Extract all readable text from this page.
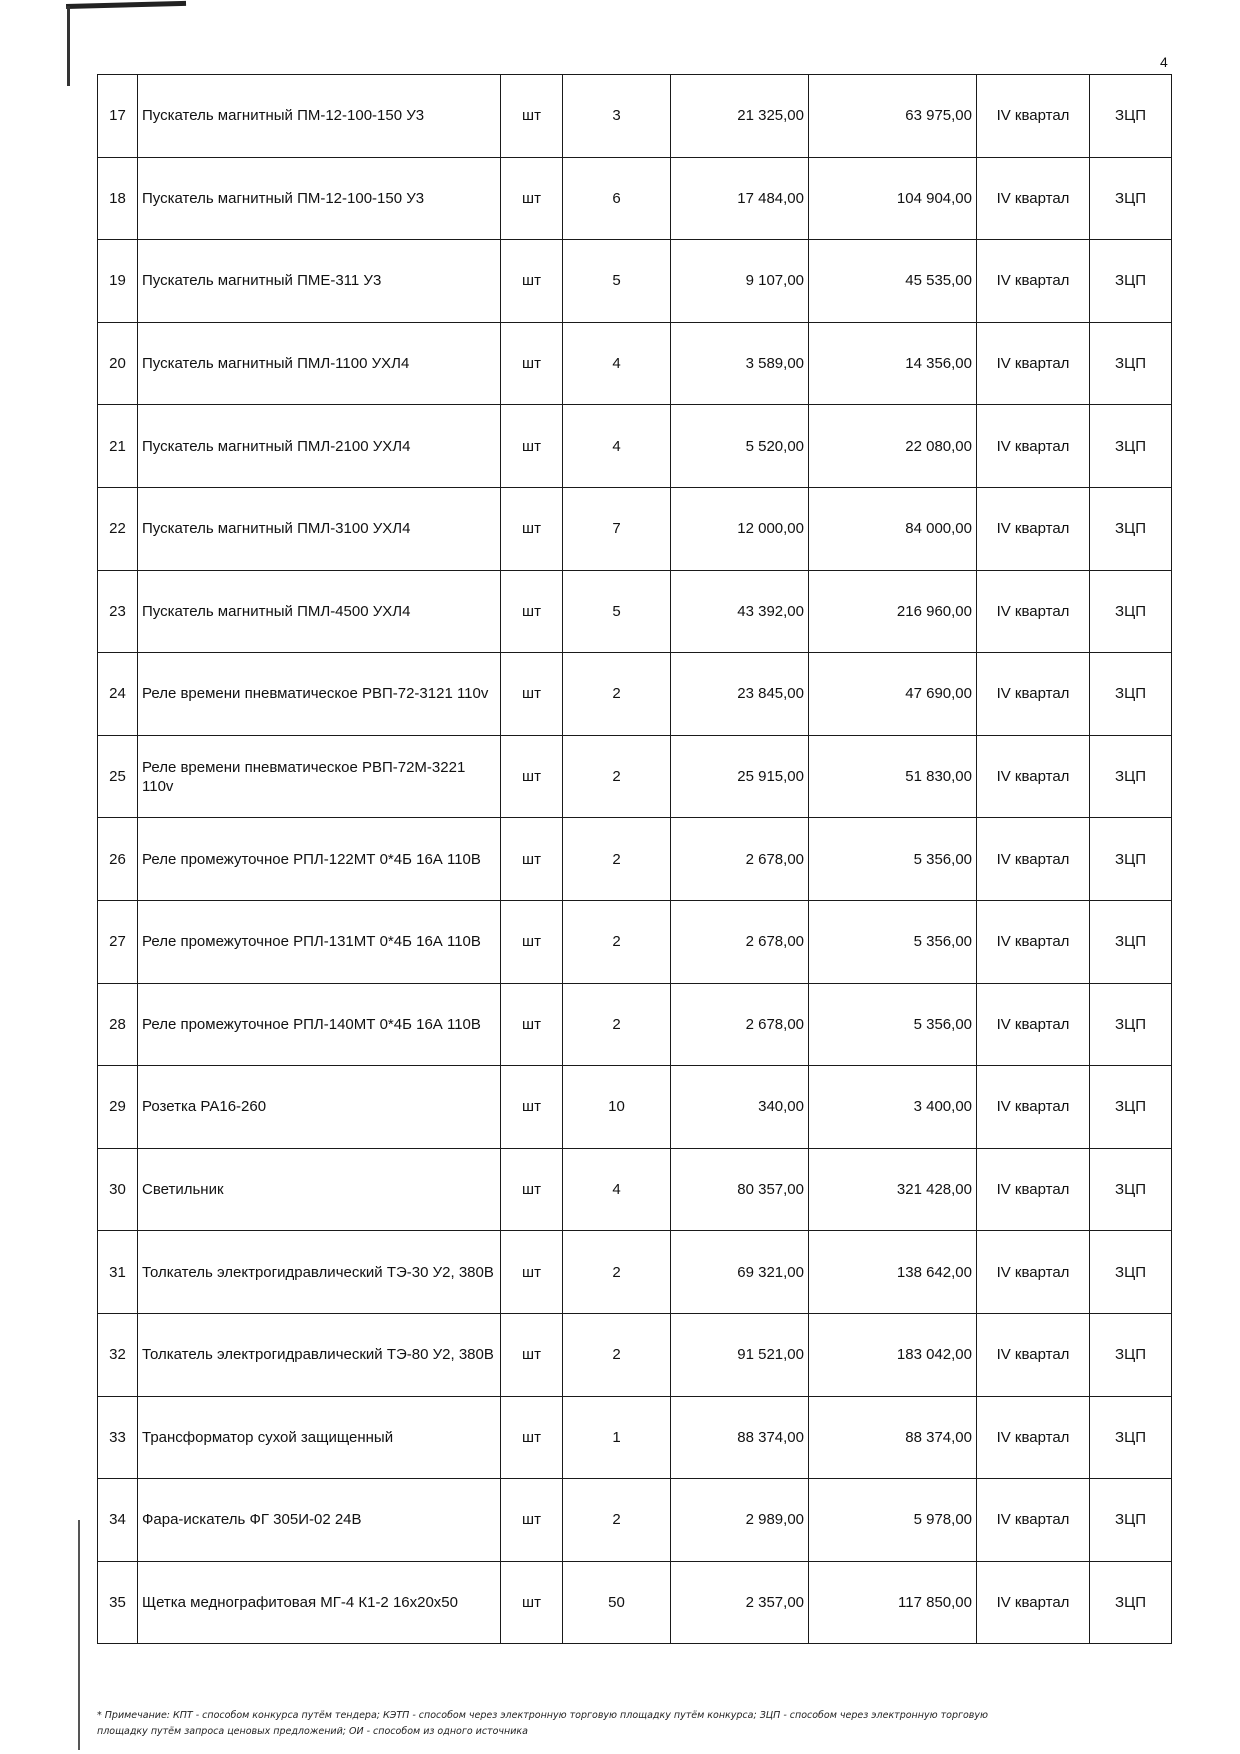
4
17	Пускатель магнитный ПМ-12-100-150 У3	шт	3	21 325,00	63 975,00	IV квартал	ЗЦП
18	Пускатель магнитный ПМ-12-100-150 У3	шт	6	17 484,00	104 904,00	IV квартал	ЗЦП
19	Пускатель магнитный ПМЕ-311 У3	шт	5	9 107,00	45 535,00	IV квартал	ЗЦП
20	Пускатель магнитный ПМЛ-1100 УХЛ4	шт	4	3 589,00	14 356,00	IV квартал	ЗЦП
21	Пускатель магнитный ПМЛ-2100 УХЛ4	шт	4	5 520,00	22 080,00	IV квартал	ЗЦП
22	Пускатель магнитный ПМЛ-3100 УХЛ4	шт	7	12 000,00	84 000,00	IV квартал	ЗЦП
23	Пускатель магнитный ПМЛ-4500 УХЛ4	шт	5	43 392,00	216 960,00	IV квартал	ЗЦП
24	Реле времени пневматическое РВП-72-3121 110v	шт	2	23 845,00	47 690,00	IV квартал	ЗЦП
25	Реле времени пневматическое РВП-72М-3221 110v	шт	2	25 915,00	51 830,00	IV квартал	ЗЦП
26	Реле промежуточное РПЛ-122МТ 0*4Б 16А 110В	шт	2	2 678,00	5 356,00	IV квартал	ЗЦП
27	Реле промежуточное РПЛ-131МТ 0*4Б 16А 110В	шт	2	2 678,00	5 356,00	IV квартал	ЗЦП
28	Реле промежуточное РПЛ-140МТ 0*4Б 16А 110В	шт	2	2 678,00	5 356,00	IV квартал	ЗЦП
29	Розетка РА16-260	шт	10	340,00	3 400,00	IV квартал	ЗЦП
30	Светильник	шт	4	80 357,00	321 428,00	IV квартал	ЗЦП
31	Толкатель электрогидравлический ТЭ-30 У2, 380В	шт	2	69 321,00	138 642,00	IV квартал	ЗЦП
32	Толкатель электрогидравлический ТЭ-80 У2, 380В	шт	2	91 521,00	183 042,00	IV квартал	ЗЦП
33	Трансформатор сухой защищенный	шт	1	88 374,00	88 374,00	IV квартал	ЗЦП
34	Фара-искатель ФГ 305И-02 24В	шт	2	2 989,00	5 978,00	IV квартал	ЗЦП
35	Щетка меднографитовая МГ-4 К1-2 16х20х50	шт	50	2 357,00	117 850,00	IV квартал	ЗЦП
* Примечание: КПТ - способом конкурса путём тендера; КЭТП - способом через электронную торговую площадку путём конкурса; ЗЦП - способом через электронную торговую
площадку путём запроса ценовых предложений; ОИ - способом из одного источника
